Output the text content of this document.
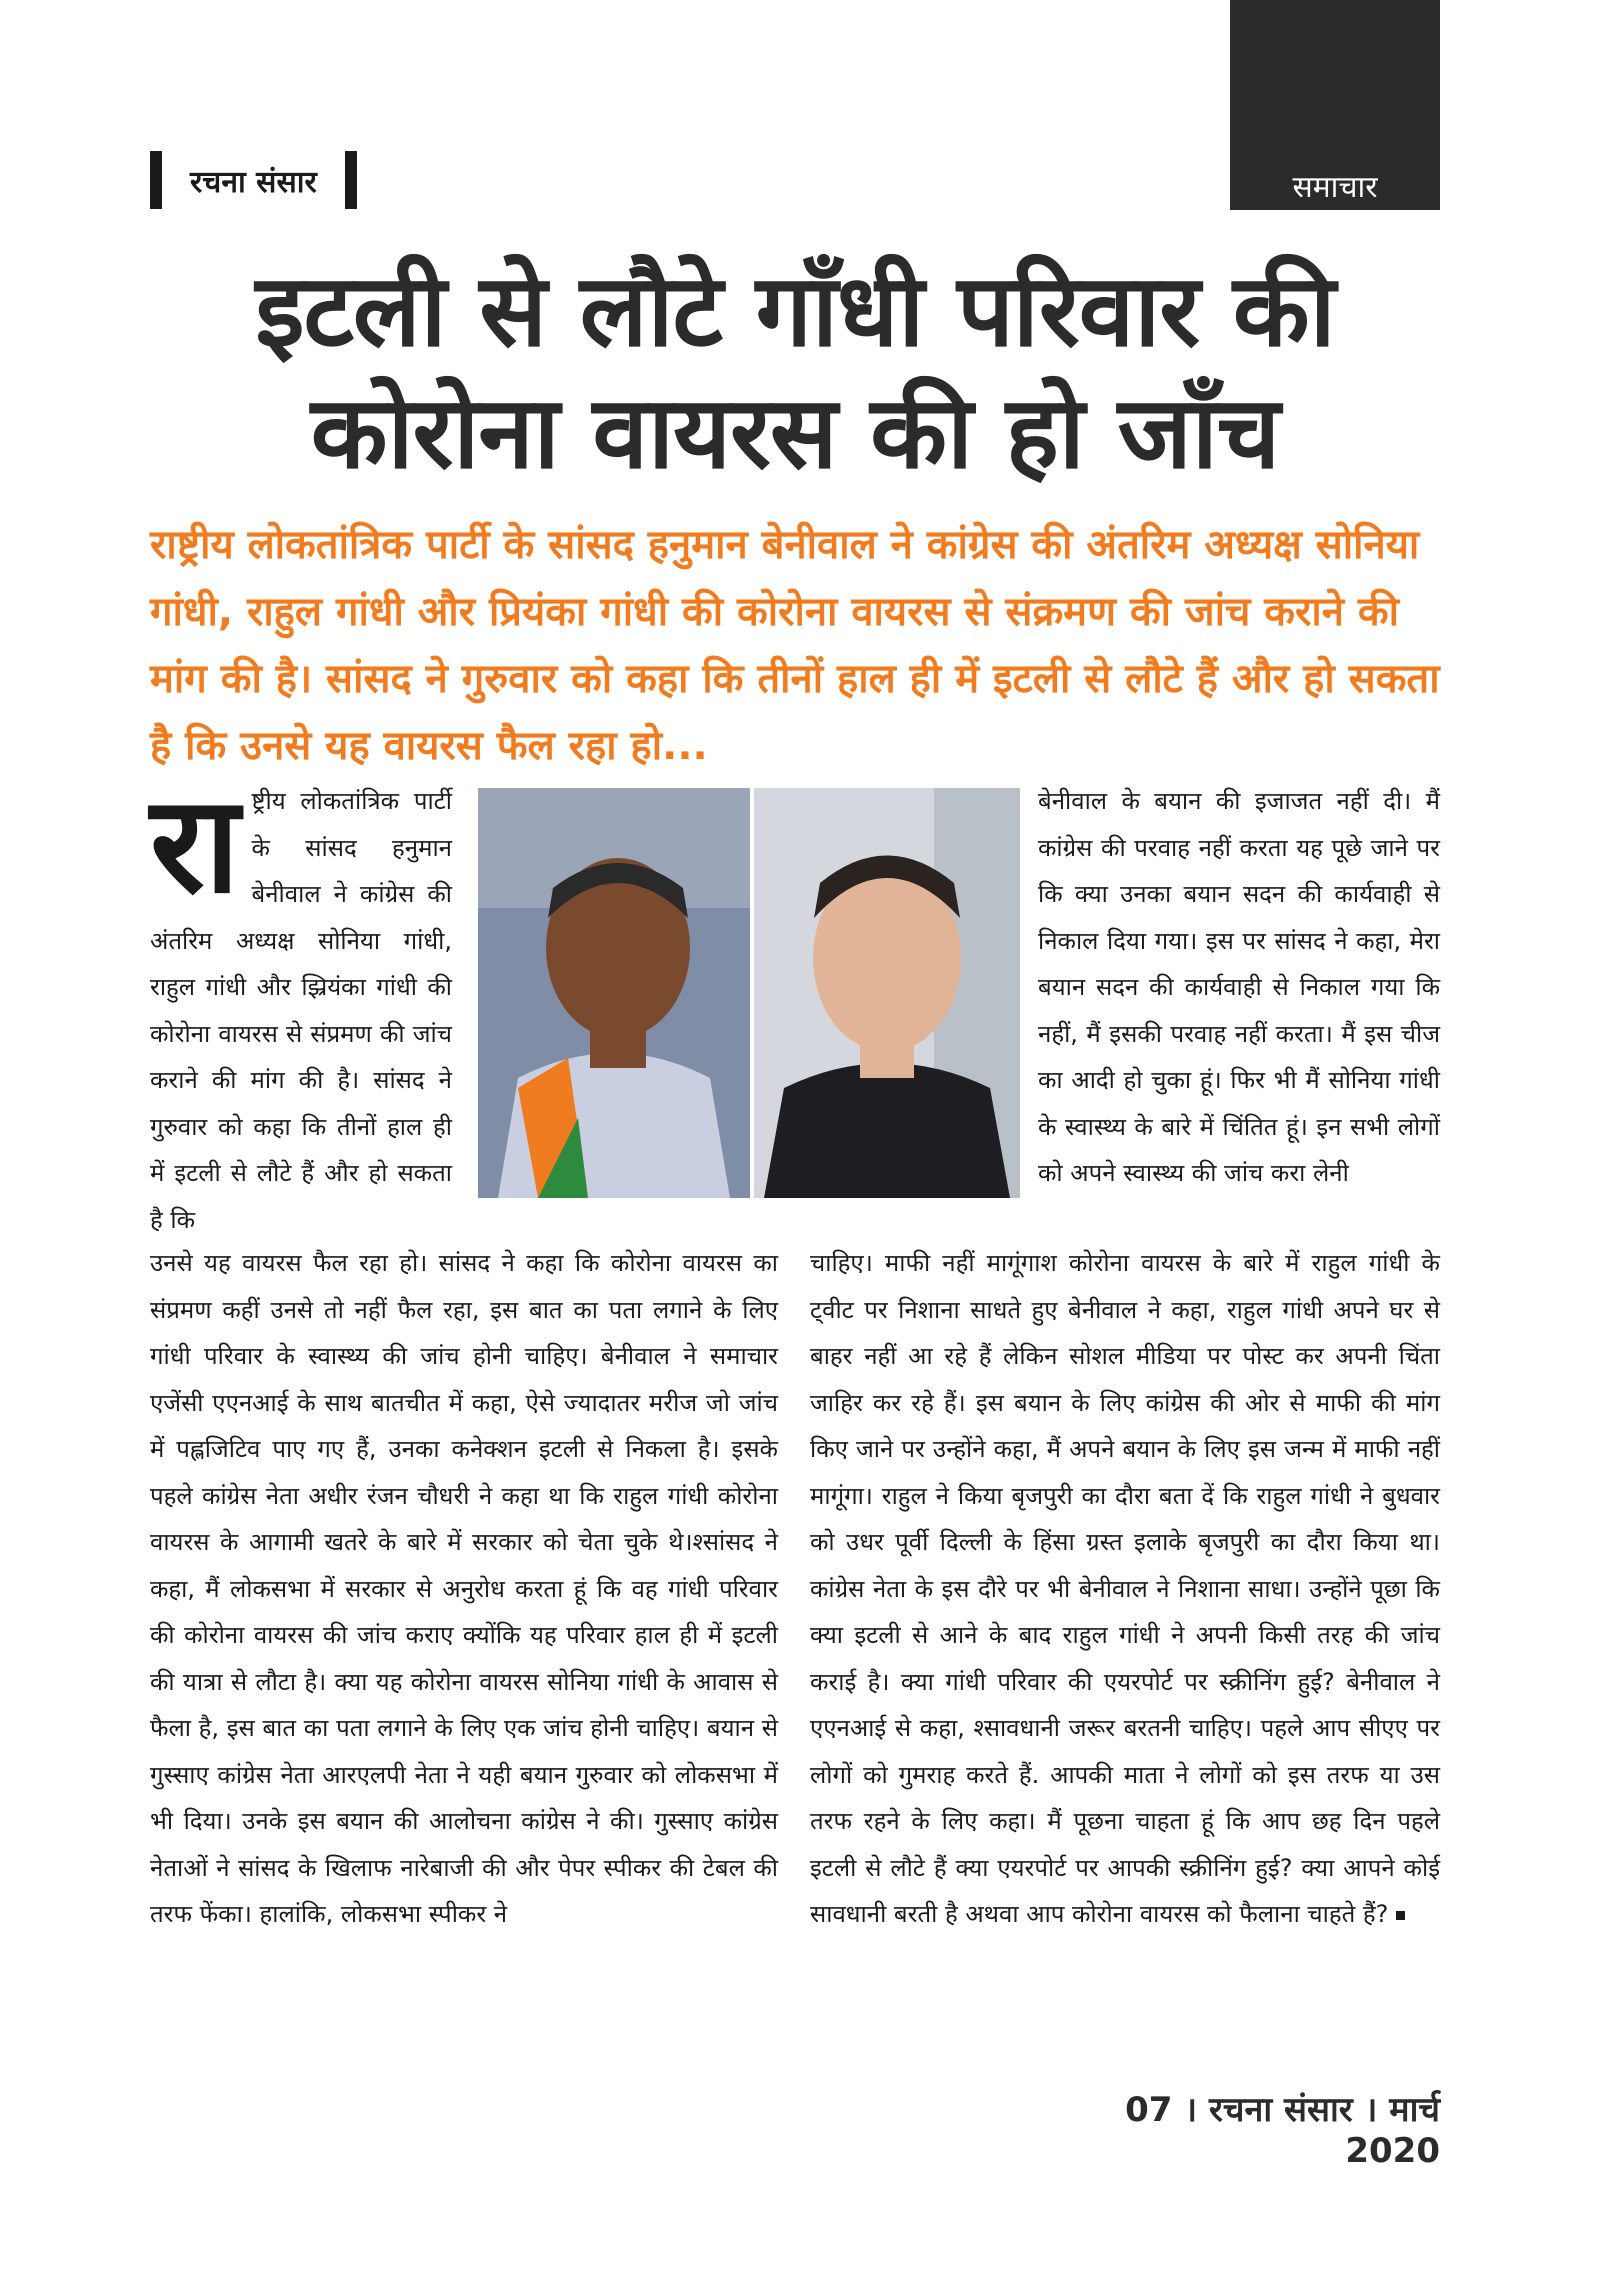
समाचार
रचना संसार
इटली से लौटे गाँधी परिवार की
कोरोना वायरस की हो जाँच
राष्ट्रीय लोकतांत्रिक पार्टी के सांसद हनुमान बेनीवाल ने कांग्रेस की अंतरिम अध्यक्ष सोनिया गांधी, राहुल गांधी और प्रियंका गांधी की कोरोना वायरस से संक्रमण की जांच कराने की मांग की है। सांसद ने गुरुवार को कहा कि तीनों हाल ही में इटली से लौटे हैं और हो सकता है कि उनसे यह वायरस फैल रहा हो...
रा ष्ट्रीय लोकतांत्रिक पार्टी के सांसद हनुमान बेनीवाल ने कांग्रेस की अंतरिम अध्यक्ष सोनिया गांधी, राहुल गांधी और झ्रियंका गांधी की कोरोना वायरस से संप्रमण की जांच कराने की मांग की है। सांसद ने गुरुवार को कहा कि तीनों हाल ही में इटली से लौटे हैं और हो सकता है कि
बेनीवाल के बयान की इजाजत नहीं दी। मैं कांग्रेस की परवाह नहीं करता यह पूछे जाने पर कि क्या उनका बयान सदन की कार्यवाही से निकाल दिया गया। इस पर सांसद ने कहा, मेरा बयान सदन की कार्यवाही से निकाल गया कि नहीं, मैं इसकी परवाह नहीं करता। मैं इस चीज का आदी हो चुका हूं। फिर भी मैं सोनिया गांधी के स्वास्थ्य के बारे में चिंतित हूं। इन सभी लोगों को अपने स्वास्थ्य की जांच करा लेनी
उनसे यह वायरस फैल रहा हो। सांसद ने कहा कि कोरोना वायरस का संप्रमण कहीं उनसे तो नहीं फैल रहा, इस बात का पता लगाने के लिए गांधी परिवार के स्वास्थ्य की जांच होनी चाहिए। बेनीवाल ने समाचार एजेंसी एएनआई के साथ बातचीत में कहा, ऐसे ज्यादातर मरीज जो जांच में पह्लजिटिव पाए गए हैं, उनका कनेक्शन इटली से निकला है। इसके पहले कांग्रेस नेता अधीर रंजन चौधरी ने कहा था कि राहुल गांधी कोरोना वायरस के आगामी खतरे के बारे में सरकार को चेता चुके थे।श्सांसद ने कहा, मैं लोकसभा में सरकार से अनुरोध करता हूं कि वह गांधी परिवार की कोरोना वायरस की जांच कराए क्योंकि यह परिवार हाल ही में इटली की यात्रा से लौटा है। क्या यह कोरोना वायरस सोनिया गांधी के आवास से फैला है, इस बात का पता लगाने के लिए एक जांच होनी चाहिए। बयान से गुस्साए कांग्रेस नेता आरएलपी नेता ने यही बयान गुरुवार को लोकसभा में भी दिया। उनके इस बयान की आलोचना कांग्रेस ने की। गुस्साए कांग्रेस नेताओं ने सांसद के खिलाफ नारेबाजी की और पेपर स्पीकर की टेबल की तरफ फेंका। हालांकि, लोकसभा स्पीकर ने
चाहिए। माफी नहीं मागूंगाश कोरोना वायरस के बारे में राहुल गांधी के ट्वीट पर निशाना साधते हुए बेनीवाल ने कहा, राहुल गांधी अपने घर से बाहर नहीं आ रहे हैं लेकिन सोशल मीडिया पर पोस्ट कर अपनी चिंता जाहिर कर रहे हैं। इस बयान के लिए कांग्रेस की ओर से माफी की मांग किए जाने पर उन्होंने कहा, मैं अपने बयान के लिए इस जन्म में माफी नहीं मागूंगा। राहुल ने किया बृजपुरी का दौरा बता दें कि राहुल गांधी ने बुधवार को उधर पूर्वी दिल्ली के हिंसा ग्रस्त इलाके बृजपुरी का दौरा किया था। कांग्रेस नेता के इस दौरे पर भी बेनीवाल ने निशाना साधा। उन्होंने पूछा कि क्या इटली से आने के बाद राहुल गांधी ने अपनी किसी तरह की जांच कराई है। क्या गांधी परिवार की एयरपोर्ट पर स्क्रीनिंग हुई? बेनीवाल ने एएनआई से कहा, श्सावधानी जरूर बरतनी चाहिए। पहले आप सीएए पर लोगों को गुमराह करते हैं. आपकी माता ने लोगों को इस तरफ या उस तरफ रहने के लिए कहा। मैं पूछना चाहता हूं कि आप छह दिन पहले इटली से लौटे हैं क्या एयरपोर्ट पर आपकी स्क्रीनिंग हुई? क्या आपने कोई सावधानी बरती है अथवा आप कोरोना वायरस को फैलाना चाहते हैं?
07 । रचना संसार । मार्च 2020
